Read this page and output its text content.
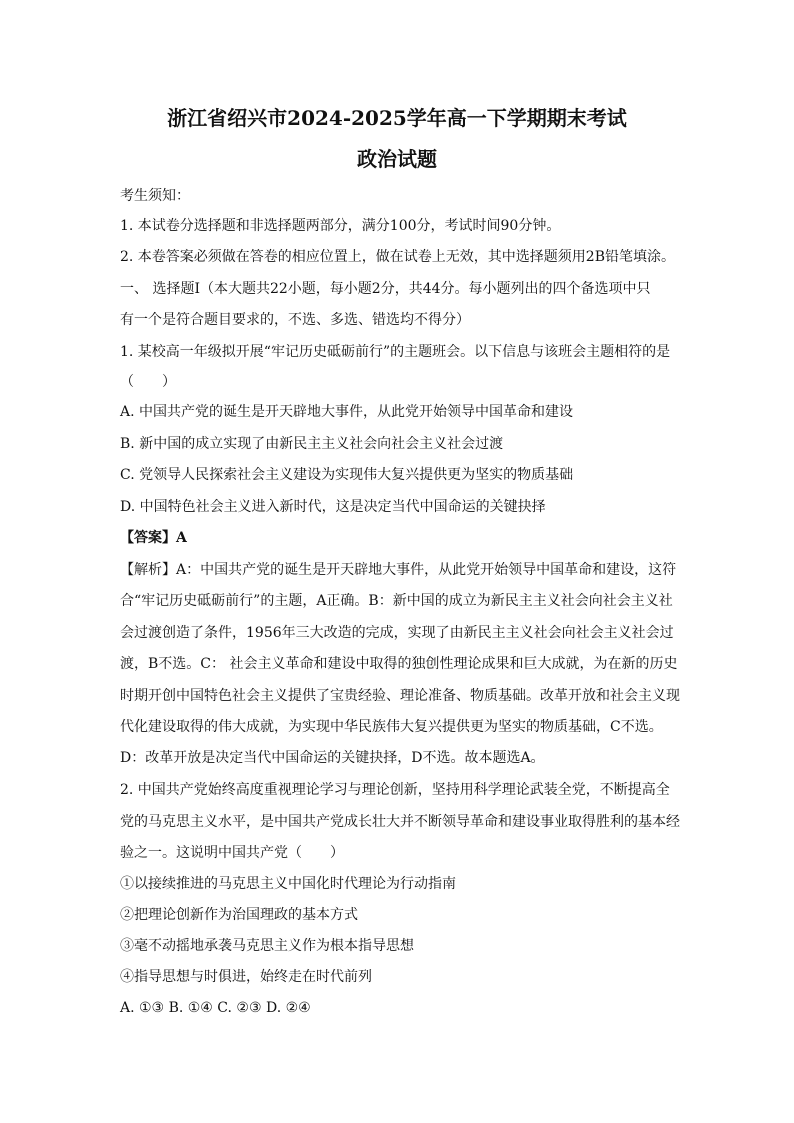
浙江省绍兴市2024-2025学年高一下学期期末考试
政治试题

考生须知：

1. 本试卷分选择题和非选择题两部分，满分100分，考试时间90分钟。

2. 本卷答案必须做在答卷的相应位置上，做在试卷上无效，其中选择题须用2B铅笔填涂。

一、 选择题Ⅰ（本大题共22小题，每小题2分，共44分。每小题列出的四个备选项中只

有一个是符合题目要求的，不选、多选、错选均不得分）

1. 某校高一年级拟开展“牢记历史砥砺前行”的主题班会。以下信息与该班会主题相符的是

（　　）

A. 中国共产党的诞生是开天辟地大事件，从此党开始领导中国革命和建设

B. 新中国的成立实现了由新民主主义社会向社会主义社会过渡

C. 党领导人民探索社会主义建设为实现伟大复兴提供更为坚实的物质基础

D. 中国特色社会主义进入新时代，这是决定当代中国命运的关键抉择

【答案】A

【解析】A：中国共产党的诞生是开天辟地大事件，从此党开始领导中国革命和建设，这符

合“牢记历史砥砺前行”的主题，A正确。B：新中国的成立为新民主主义社会向社会主义社

会过渡创造了条件，1956年三大改造的完成，实现了由新民主主义社会向社会主义社会过

渡，B不选。C： 社会主义革命和建设中取得的独创性理论成果和巨大成就，为在新的历史

时期开创中国特色社会主义提供了宝贵经验、理论准备、物质基础。改革开放和社会主义现

代化建设取得的伟大成就，为实现中华民族伟大复兴提供更为坚实的物质基础，C不选。

D：改革开放是决定当代中国命运的关键抉择，D不选。故本题选A。

2. 中国共产党始终高度重视理论学习与理论创新，坚持用科学理论武装全党，不断提高全

党的马克思主义水平，是中国共产党成长壮大并不断领导革命和建设事业取得胜利的基本经

验之一。这说明中国共产党（　　）

①以接续推进的马克思主义中国化时代理论为行动指南

②把理论创新作为治国理政的基本方式

③毫不动摇地承袭马克思主义作为根本指导思想

④指导思想与时俱进，始终走在时代前列

A. ①③ B. ①④ C. ②③ D. ②④
